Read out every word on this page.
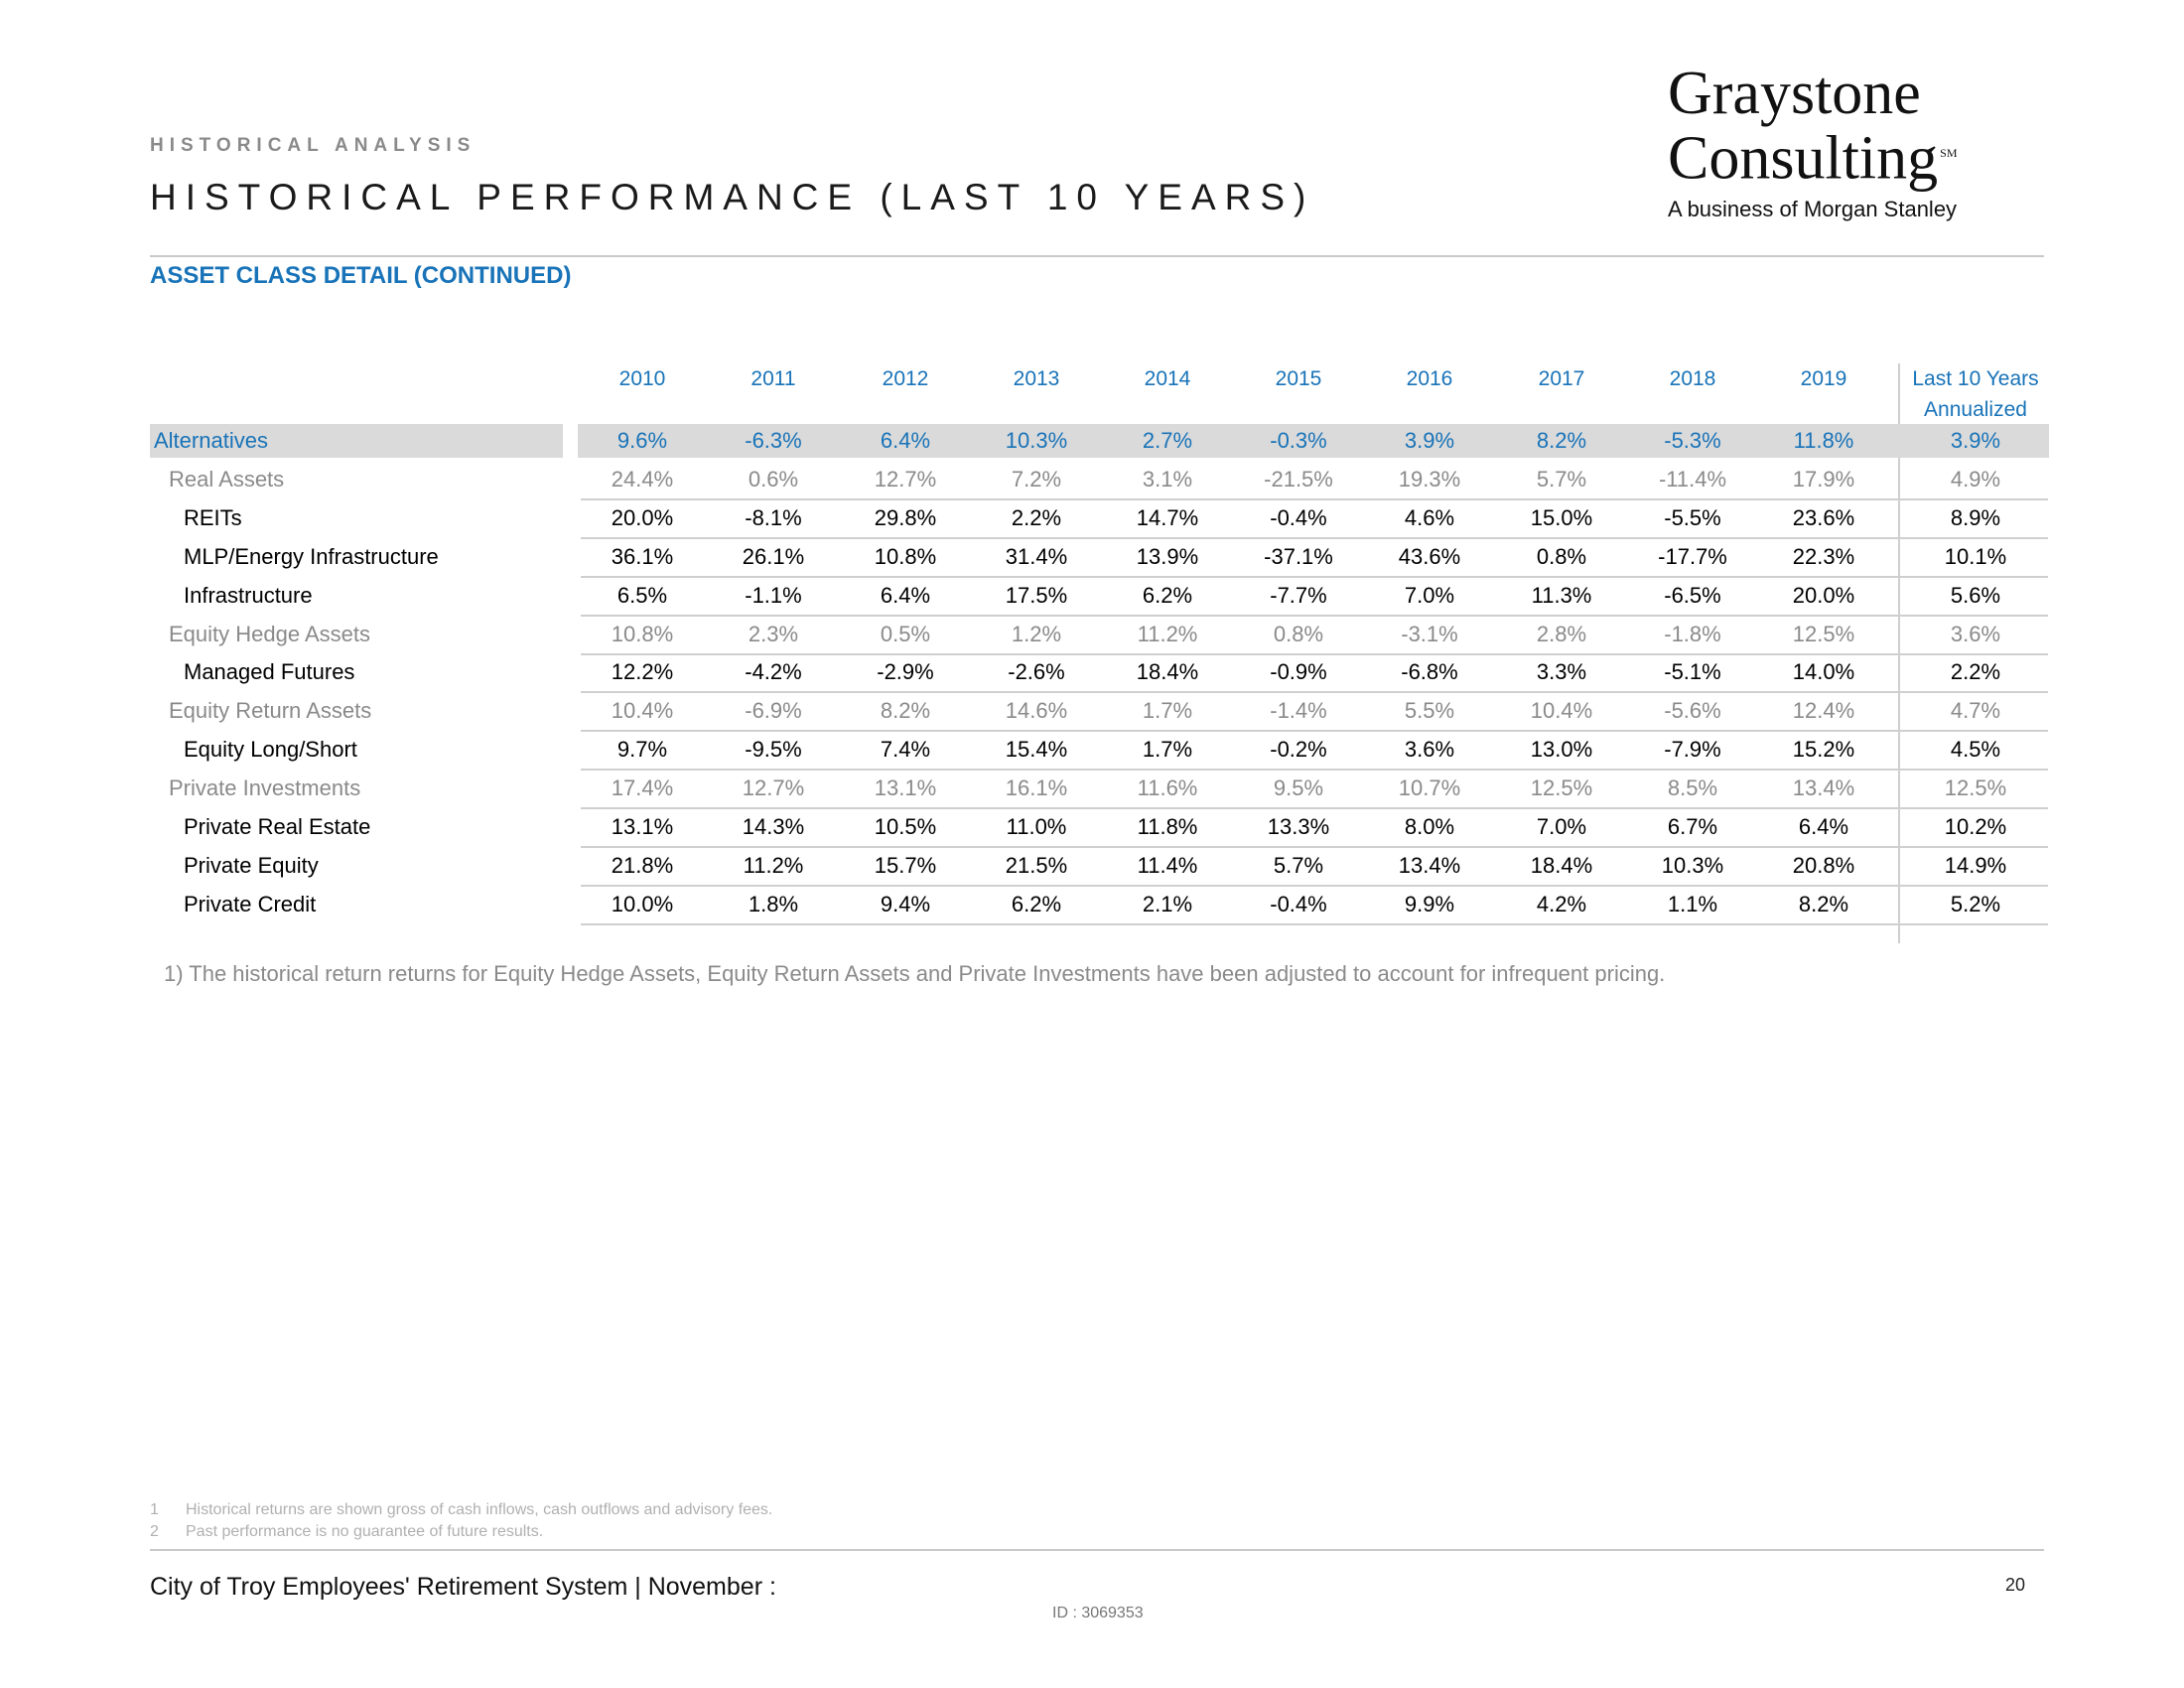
HISTORICAL ANALYSIS
HISTORICAL PERFORMANCE (LAST 10 YEARS)
Graystone
Consulting ℠
A business of Morgan Stanley
ASSET CLASS DETAIL (CONTINUED)
2010	2011	2012	2013	2014	2015	2016	2017	2018	2019	Last 10 Years
Annualized
Alternatives	9.6%	-6.3%	6.4%	10.3%	2.7%	-0.3%	3.9%	8.2%	-5.3%	11.8%	3.9%
Real Assets	24.4%	0.6%	12.7%	7.2%	3.1%	-21.5%	19.3%	5.7%	-11.4%	17.9%	4.9%
REITs	20.0%	-8.1%	29.8%	2.2%	14.7%	-0.4%	4.6%	15.0%	-5.5%	23.6%	8.9%
MLP/Energy Infrastructure	36.1%	26.1%	10.8%	31.4%	13.9%	-37.1%	43.6%	0.8%	-17.7%	22.3%	10.1%
Infrastructure	6.5%	-1.1%	6.4%	17.5%	6.2%	-7.7%	7.0%	11.3%	-6.5%	20.0%	5.6%
Equity Hedge Assets	10.8%	2.3%	0.5%	1.2%	11.2%	0.8%	-3.1%	2.8%	-1.8%	12.5%	3.6%
Managed Futures	12.2%	-4.2%	-2.9%	-2.6%	18.4%	-0.9%	-6.8%	3.3%	-5.1%	14.0%	2.2%
Equity Return Assets	10.4%	-6.9%	8.2%	14.6%	1.7%	-1.4%	5.5%	10.4%	-5.6%	12.4%	4.7%
Equity Long/Short	9.7%	-9.5%	7.4%	15.4%	1.7%	-0.2%	3.6%	13.0%	-7.9%	15.2%	4.5%
Private Investments	17.4%	12.7%	13.1%	16.1%	11.6%	9.5%	10.7%	12.5%	8.5%	13.4%	12.5%
Private Real Estate	13.1%	14.3%	10.5%	11.0%	11.8%	13.3%	8.0%	7.0%	6.7%	6.4%	10.2%
Private Equity	21.8%	11.2%	15.7%	21.5%	11.4%	5.7%	13.4%	18.4%	10.3%	20.8%	14.9%
Private Credit	10.0%	1.8%	9.4%	6.2%	2.1%	-0.4%	9.9%	4.2%	1.1%	8.2%	5.2%
1) The historical return returns for Equity Hedge Assets, Equity Return Assets and Private Investments have been adjusted to account for infrequent pricing.
1 Historical returns are shown gross of cash inflows, cash outflows and advisory fees.
2 Past performance is no guarantee of future results.
City of Troy Employees' Retirement System | November :	20
ID : 3069353
